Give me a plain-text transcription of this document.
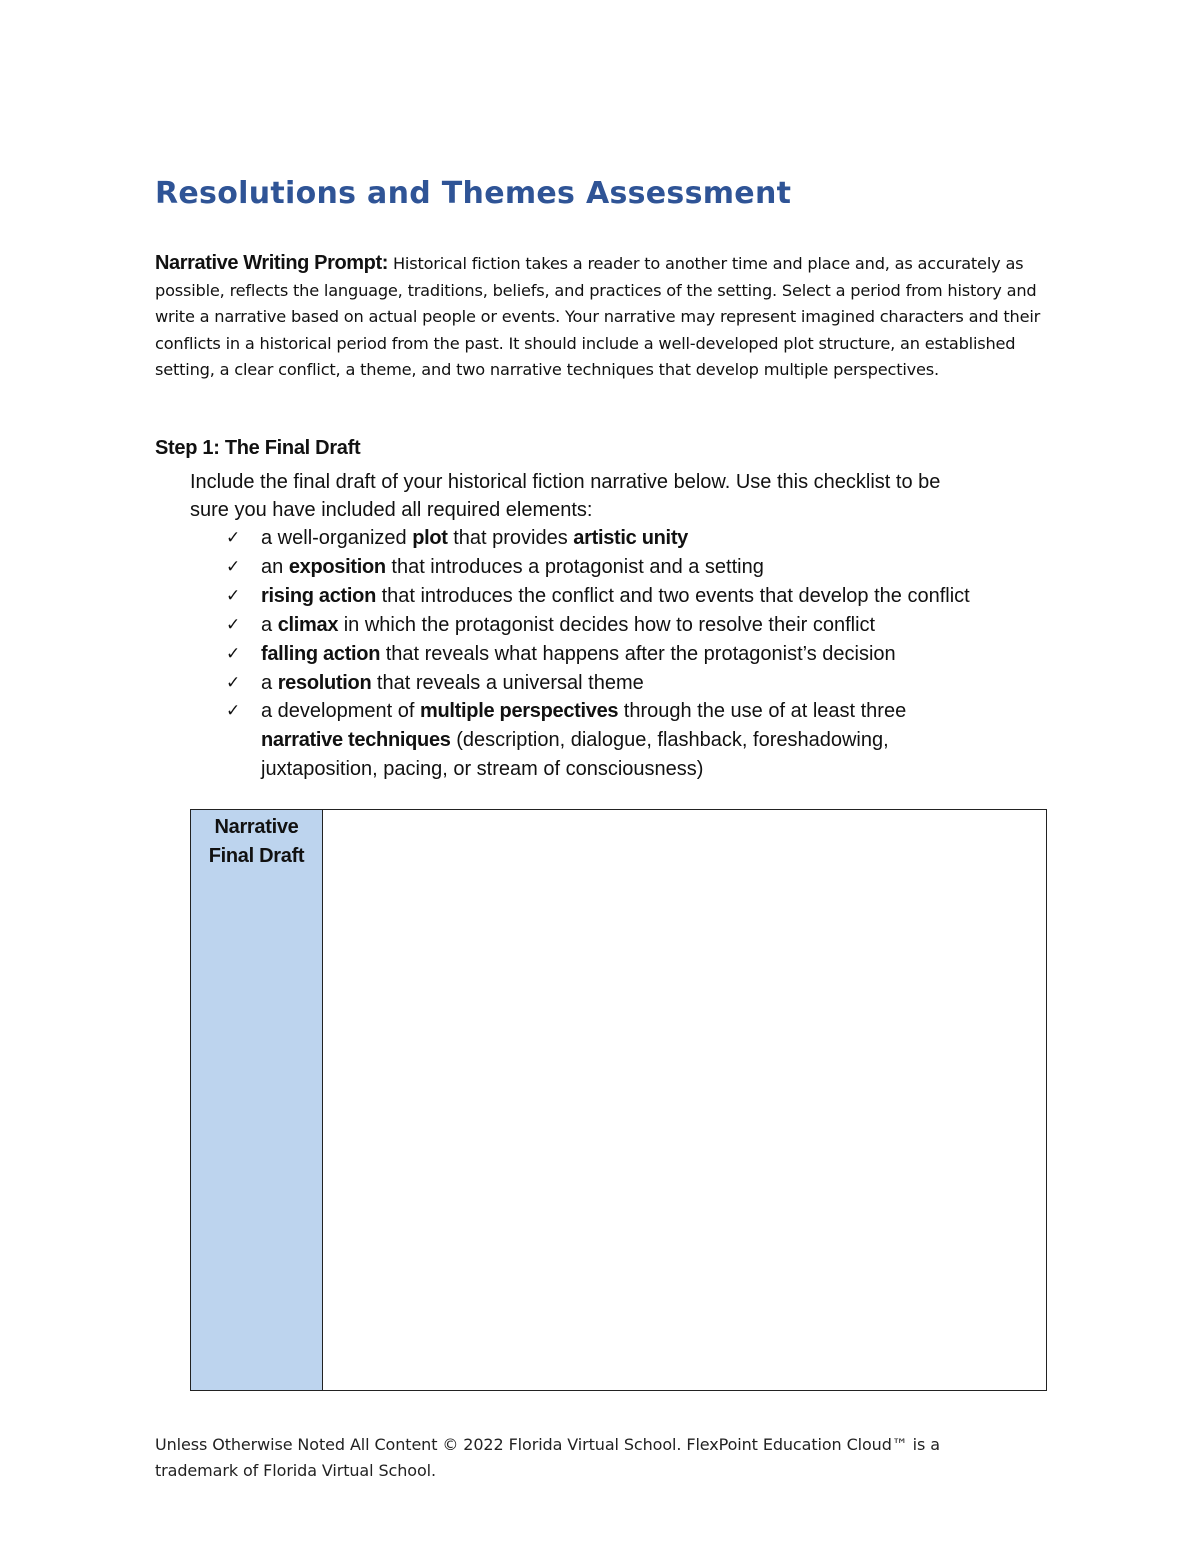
Resolutions and Themes Assessment
Narrative Writing Prompt: Historical fiction takes a reader to another time and place and, as accurately as possible, reflects the language, traditions, beliefs, and practices of the setting. Select a period from history and write a narrative based on actual people or events. Your narrative may represent imagined characters and their conflicts in a historical period from the past. It should include a well-developed plot structure, an established setting, a clear conflict, a theme, and two narrative techniques that develop multiple perspectives.
Step 1: The Final Draft
Include the final draft of your historical fiction narrative below. Use this checklist to be
sure you have included all required elements:
✓ a well-organized plot that provides artistic unity
✓ an exposition that introduces a protagonist and a setting
✓ rising action that introduces the conflict and two events that develop the conflict
✓ a climax in which the protagonist decides how to resolve their conflict
✓ falling action that reveals what happens after the protagonist’s decision
✓ a resolution that reveals a universal theme
✓ a development of multiple perspectives through the use of at least three
narrative techniques (description, dialogue, flashback, foreshadowing,
juxtaposition, pacing, or stream of consciousness)
Narrative
Final Draft
Unless Otherwise Noted All Content © 2022 Florida Virtual School. FlexPoint Education Cloud™ is a
trademark of Florida Virtual School.
